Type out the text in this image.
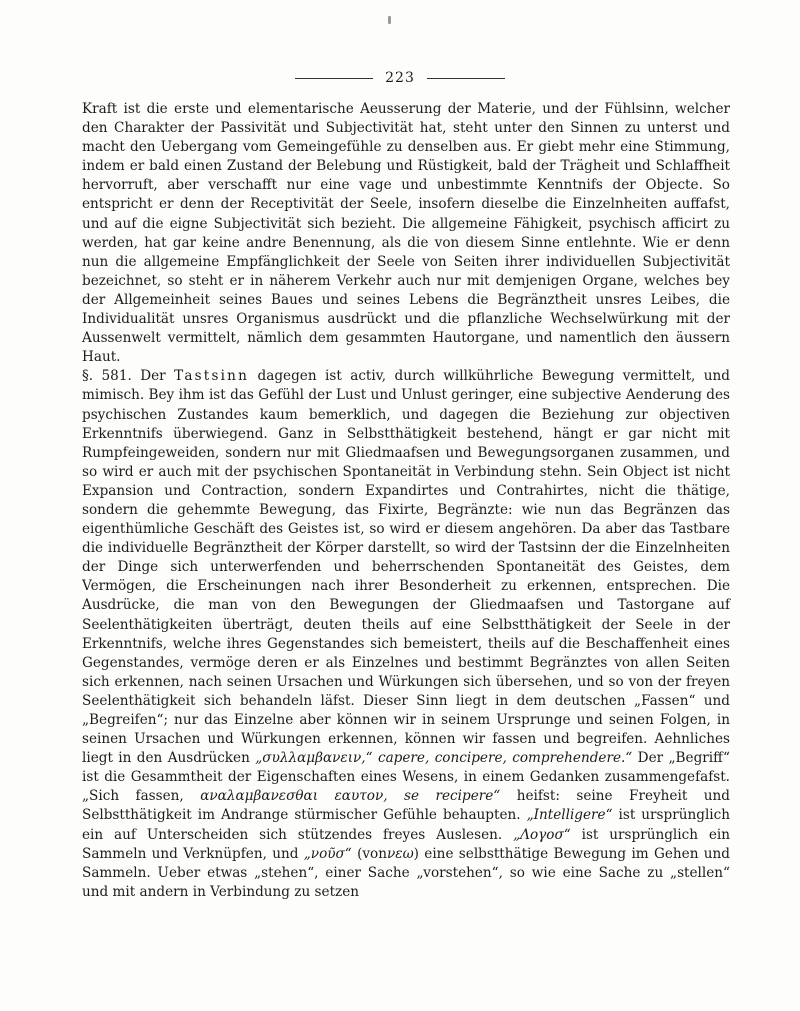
223

Kraft ist die erste und elementarische Aeusserung der Materie, und der Fühlsinn, welcher den Charakter der Passivität und Subjectivität hat, steht unter den Sinnen zu unterst und macht den Uebergang vom Gemeingefühle zu denselben aus. Er giebt mehr eine Stimmung, indem er bald einen Zustand der Belebung und Rüstigkeit, bald der Trägheit und Schlaffheit hervorruft, aber verschafft nur eine vage und unbestimmte Kenntnifs der Objecte. So entspricht er denn der Receptivität der Seele, insofern dieselbe die Einzelnheiten auffafst, und auf die eigne Subjectivität sich bezieht. Die allgemeine Fähigkeit, psychisch afficirt zu werden, hat gar keine andre Benennung, als die von diesem Sinne entlehnte. Wie er denn nun die allgemeine Empfänglichkeit der Seele von Seiten ihrer individuellen Subjectivität bezeichnet, so steht er in näherem Verkehr auch nur mit demjenigen Organe, welches bey der Allgemeinheit seines Baues und seines Lebens die Begränztheit unsres Leibes, die Individualität unsres Organismus ausdrückt und die pflanzliche Wechselwürkung mit der Aussenwelt vermittelt, nämlich dem gesammten Hautorgane, und namentlich den äussern Haut.

§. 581. Der Tastsinn dagegen ist activ, durch willkührliche Bewegung vermittelt, und mimisch. Bey ihm ist das Gefühl der Lust und Unlust geringer, eine subjective Aenderung des psychischen Zustandes kaum bemerklich, und dagegen die Beziehung zur objectiven Erkenntnifs überwiegend. Ganz in Selbstthätigkeit bestehend, hängt er gar nicht mit Rumpfeingeweiden, sondern nur mit Gliedmaafsen und Bewegungsorganen zusammen, und so wird er auch mit der psychischen Spontaneität in Verbindung stehn. Sein Object ist nicht Expansion und Contraction, sondern Expandirtes und Contrahirtes, nicht die thätige, sondern die gehemmte Bewegung, das Fixirte, Begränzte: wie nun das Begränzen das eigenthümliche Geschäft des Geistes ist, so wird er diesem angehören. Da aber das Tastbare die individuelle Begränztheit der Körper darstellt, so wird der Tastsinn der die Einzelnheiten der Dinge sich unterwerfenden und beherrschenden Spontaneität des Geistes, dem Vermögen, die Erscheinungen nach ihrer Besonderheit zu erkennen, entsprechen. Die Ausdrücke, die man von den Bewegungen der Gliedmaafsen und Tastorgane auf Seelenthätigkeiten überträgt, deuten theils auf eine Selbstthätigkeit der Seele in der Erkenntnifs, welche ihres Gegenstandes sich bemeistert, theils auf die Beschaffenheit eines Gegenstandes, vermöge deren er als Einzelnes und bestimmt Begränztes von allen Seiten sich erkennen, nach seinen Ursachen und Würkungen sich übersehen, und so von der freyen Seelenthätigkeit sich behandeln läfst. Dieser Sinn liegt in dem deutschen „Fassen“ und „Begreifen“; nur das Einzelne aber können wir in seinem Ursprunge und seinen Folgen, in seinen Ursachen und Würkungen erkennen, können wir fassen und begreifen. Aehnliches liegt in den Ausdrücken „συλλαμβανειν,“ capere, concipere, comprehendere.“ Der „Begriff“ ist die Gesammtheit der Eigenschaften eines Wesens, in einem Gedanken zusammengefafst. „Sich fassen, αναλαμβανεσθαι εαυτον, se recipere“ heifst: seine Freyheit und Selbstthätigkeit im Andrange stürmischer Gefühle behaupten. „Intelligere“ ist ursprünglich ein auf Unterscheiden sich stützendes freyes Auslesen. „Λογοσ“ ist ursprünglich ein Sammeln und Verknüpfen, und „νοῦσ“ (vonνεω) eine selbstthätige Bewegung im Gehen und Sammeln. Ueber etwas „stehen“, einer Sache „vorstehen“, so wie eine Sache zu „stellen“ und mit andern in Verbindung zu setzen
